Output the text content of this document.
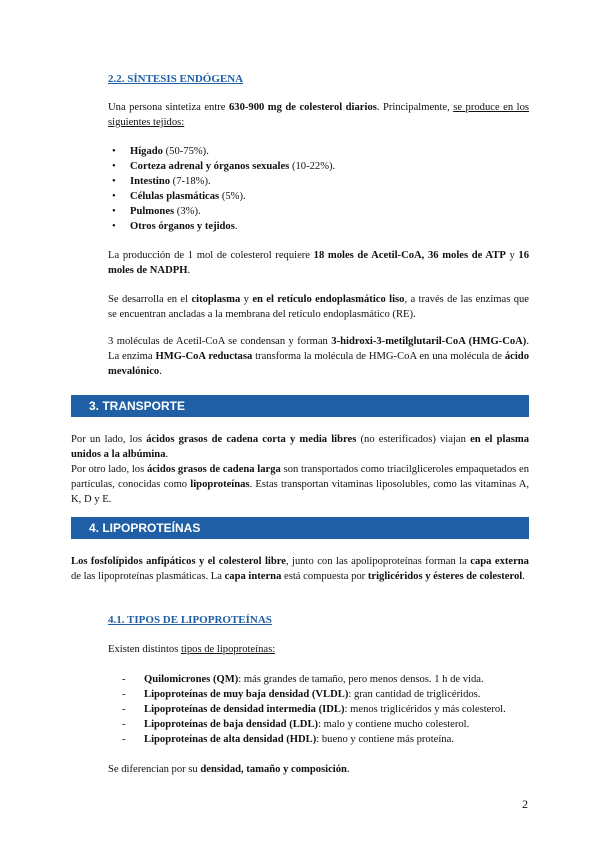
2.2. SÍNTESIS ENDÓGENA

Una persona sintetiza entre 630-900 mg de colesterol diarios. Principalmente, se produce en los siguientes tejidos:

• Hígado (50-75%).
• Corteza adrenal y órganos sexuales (10-22%).
• Intestino (7-18%).
• Células plasmáticas (5%).
• Pulmones (3%).
• Otros órganos y tejidos.

La producción de 1 mol de colesterol requiere 18 moles de Acetil-CoA, 36 moles de ATP y 16 moles de NADPH.

Se desarrolla en el citoplasma y en el retículo endoplasmático liso, a través de las enzimas que se encuentran ancladas a la membrana del retículo endoplasmático (RE).

3 moléculas de Acetil-CoA se condensan y forman 3-hidroxi-3-metilglutaril-CoA (HMG-CoA). La enzima HMG-CoA reductasa transforma la molécula de HMG-CoA en una molécula de ácido mevalónico.

3. TRANSPORTE

Por un lado, los ácidos grasos de cadena corta y media libres (no esterificados) viajan en el plasma unidos a la albúmina.

Por otro lado, los ácidos grasos de cadena larga son transportados como triacilgliceroles empaquetados en partículas, conocidas como lipoproteínas. Estas transportan vitaminas liposolubles, como las vitaminas A, K, D y E.

4. LIPOPROTEÍNAS

Los fosfolípidos anfipáticos y el colesterol libre, junto con las apolipoproteínas forman la capa externa de las lipoproteínas plasmáticas. La capa interna está compuesta por triglicéridos y ésteres de colesterol.

4.1. TIPOS DE LIPOPROTEÍNAS

Existen distintos tipos de lipoproteínas:

- Quilomicrones (QM): más grandes de tamaño, pero menos densos. 1 h de vida.
- Lipoproteínas de muy baja densidad (VLDL): gran cantidad de triglicéridos.
- Lipoproteínas de densidad intermedia (IDL): menos triglicéridos y más colesterol.
- Lipoproteínas de baja densidad (LDL): malo y contiene mucho colesterol.
- Lipoproteínas de alta densidad (HDL): bueno y contiene más proteína.

Se diferencian por su densidad, tamaño y composición.

2
